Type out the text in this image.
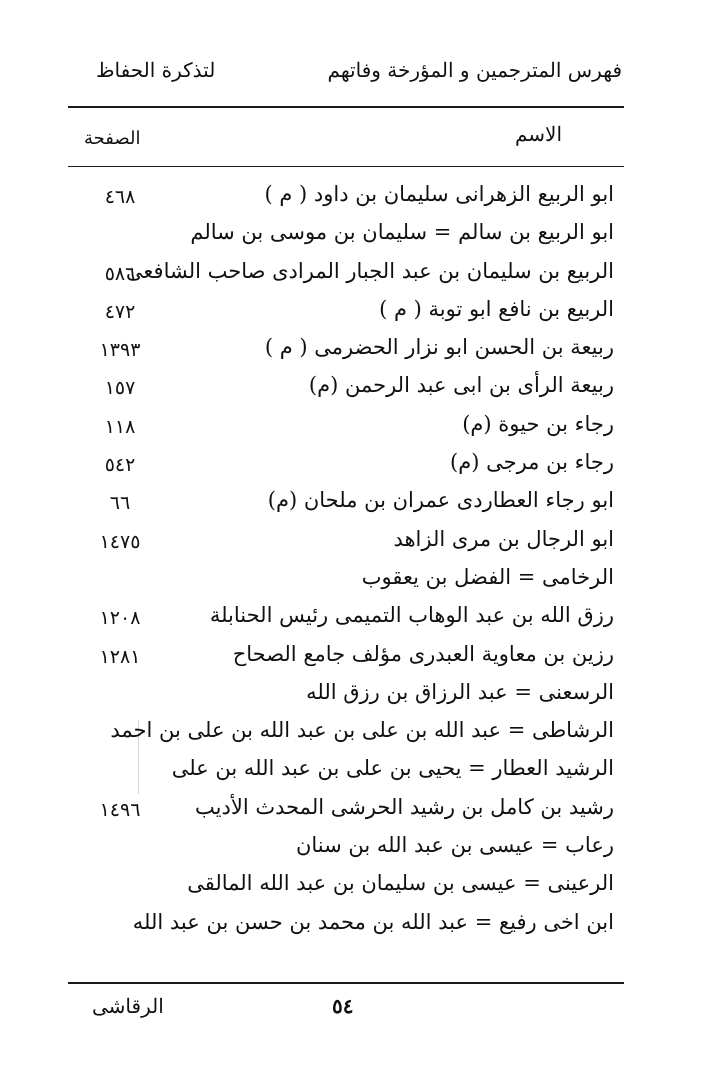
فهرس المترجمين و المؤرخة وفاتهم
لتذكرة الحفاظ
الاسم
الصفحة
ابو الربيع الزهرانى سليمان بن داود ( م )
٤٦٨
ابو الربيع بن سالم = سليمان بن موسى بن سالم
الربيع بن سليمان بن عبد الجبار المرادى صاحب الشافعى
٥٨٦
الربيع بن نافع ابو توبة ( م )
٤٧٢
ربيعة بن الحسن ابو نزار الحضرمى ( م )
١٣٩٣
ربيعة الرأى بن ابى عبد الرحمن (م)
١٥٧
رجاء بن حيوة (م)
١١٨
رجاء بن مرجى (م)
٥٤٢
ابو رجاء العطاردى عمران بن ملحان (م)
٦٦
ابو الرجال بن مرى الزاهد
١٤٧٥
الرخامى = الفضل بن يعقوب
رزق الله بن عبد الوهاب التميمى رئيس الحنابلة
١٢٠٨
رزين بن معاوية العبدرى مؤلف جامع الصحاح
١٢٨١
الرسعنى = عبد الرزاق بن رزق الله
الرشاطى = عبد الله بن على بن عبد الله بن على بن احمد
الرشيد العطار = يحيى بن على بن عبد الله بن على
رشيد بن كامل بن رشيد الحرشى المحدث الأديب
١٤٩٦
رعاب = عيسى بن عبد الله بن سنان
الرعينى = عيسى بن سليمان بن عبد الله المالقى
ابن اخى رفيع = عبد الله بن محمد بن حسن بن عبد الله
٥٤
الرقاشى
